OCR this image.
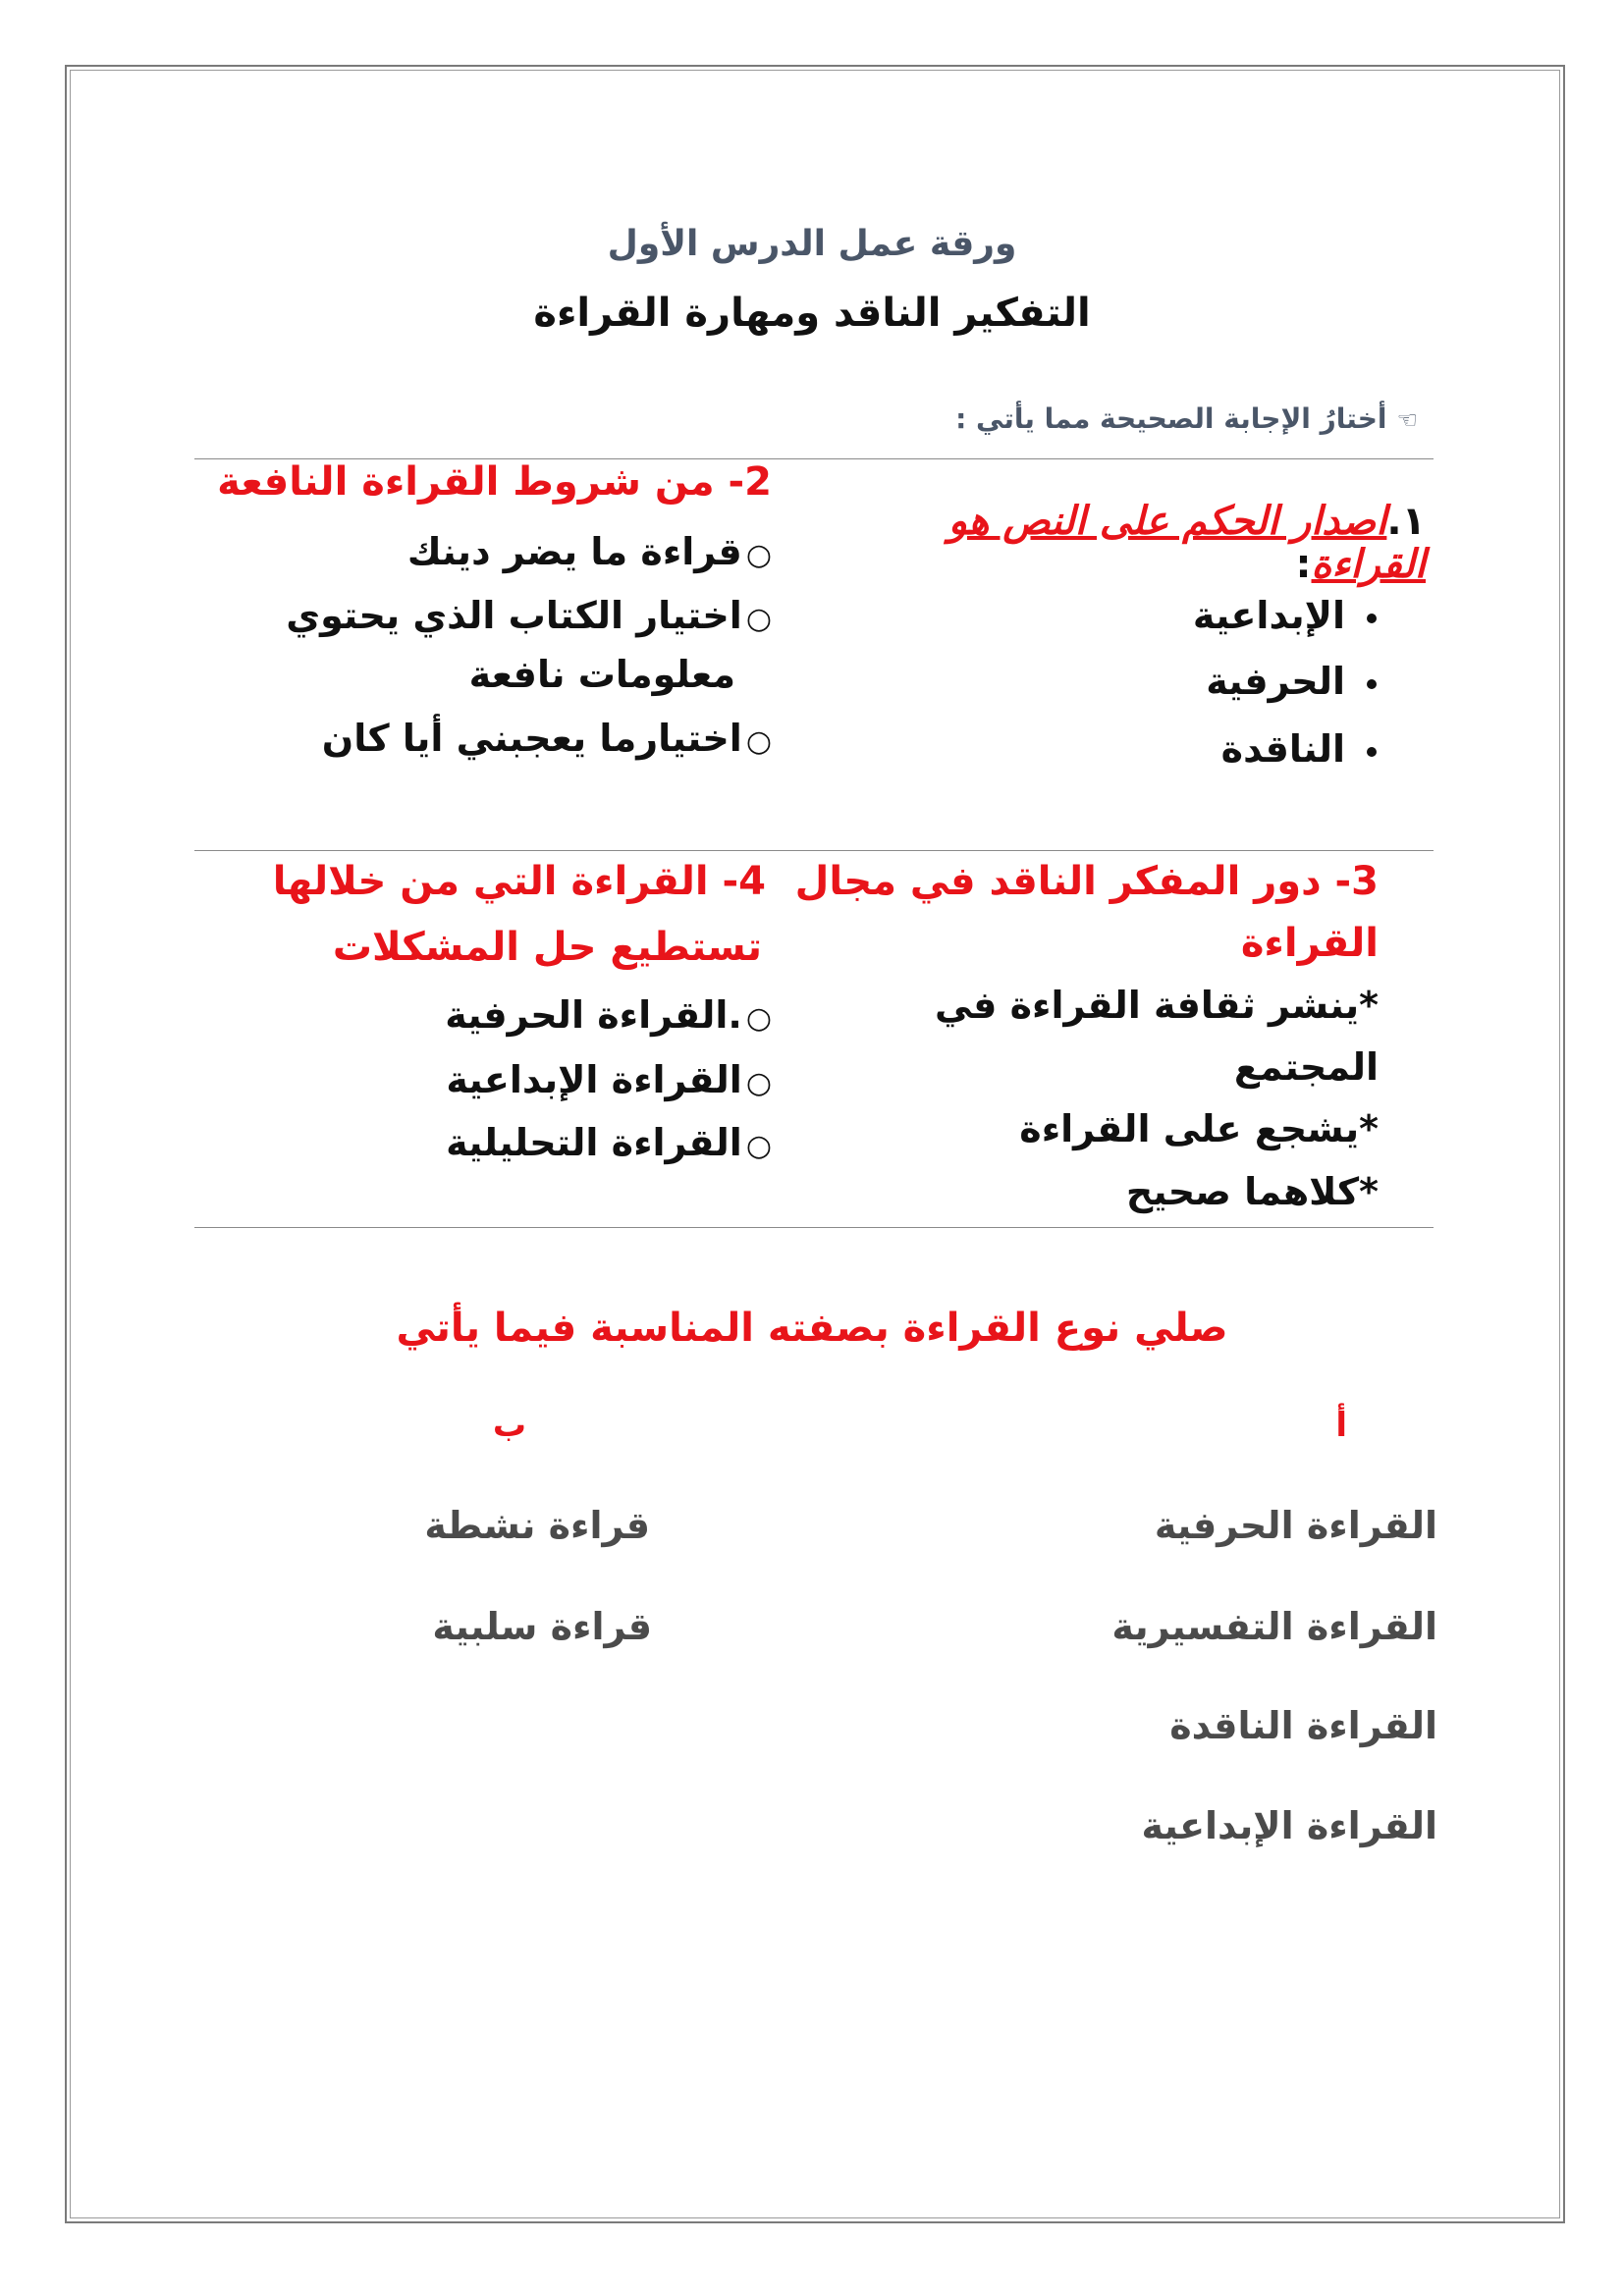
ورقة عمل الدرس الأول
التفكير الناقد ومهارة القراءة
☜أختارُ الإجابة الصحيحة مما يأتي :
١.اصدار الحكم على النص هو
القراءة:
الإبداعية
الحرفية
الناقدة
2- من شروط القراءة النافعة
○قراءة ما يضر دينك
○اختيار الكتاب الذي يحتوي
معلومات نافعة
○اختيارما يعجبني أيا كان
3- دور المفكر الناقد في مجال
القراءة
*ينشر ثقافة القراءة في
المجتمع
*يشجع على القراءة
*كلاهما صحيح
4- القراءة التي من خلالها
تستطيع حل المشكلات
○.القراءة الحرفية
○القراءة الإبداعية
○القراءة التحليلية
صلي نوع القراءة بصفته المناسبة فيما يأتي
أ
ب
القراءة الحرفية
القراءة التفسيرية
القراءة الناقدة
القراءة الإبداعية
قراءة نشطة
قراءة سلبية
